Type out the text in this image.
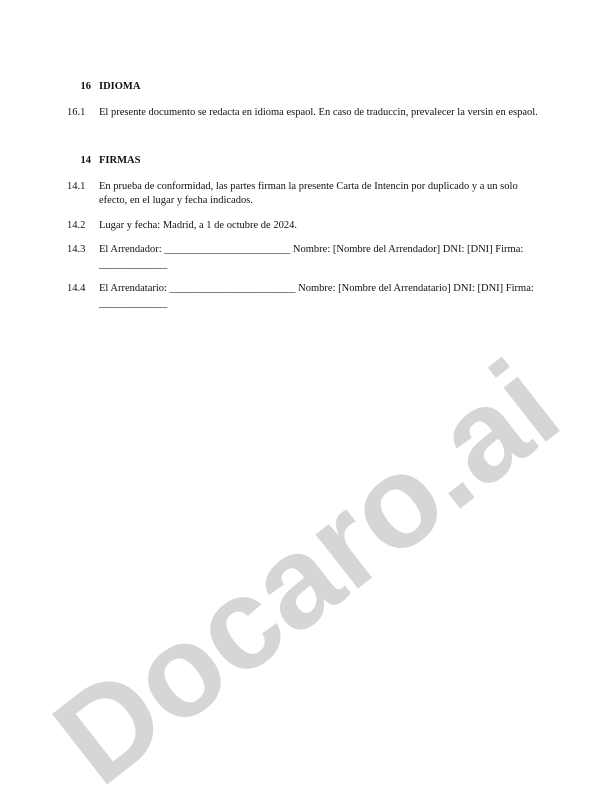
Docaro.ai
16 IDIOMA
16.1	El presente documento se redacta en idioma espaol. En caso de traduccin, prevalecer la versin en espaol.
14 FIRMAS
14.1	En prueba de conformidad, las partes firman la presente Carta de Intencin por duplicado y a un solo efecto, en el lugar y fecha indicados.
14.2	Lugar y fecha: Madrid, a 1 de octubre de 2024.
14.3	El Arrendador: ________________________ Nombre: [Nombre del Arrendador] DNI: [DNI] Firma: _____________
14.4	El Arrendatario: ________________________ Nombre: [Nombre del Arrendatario] DNI: [DNI] Firma: _____________
